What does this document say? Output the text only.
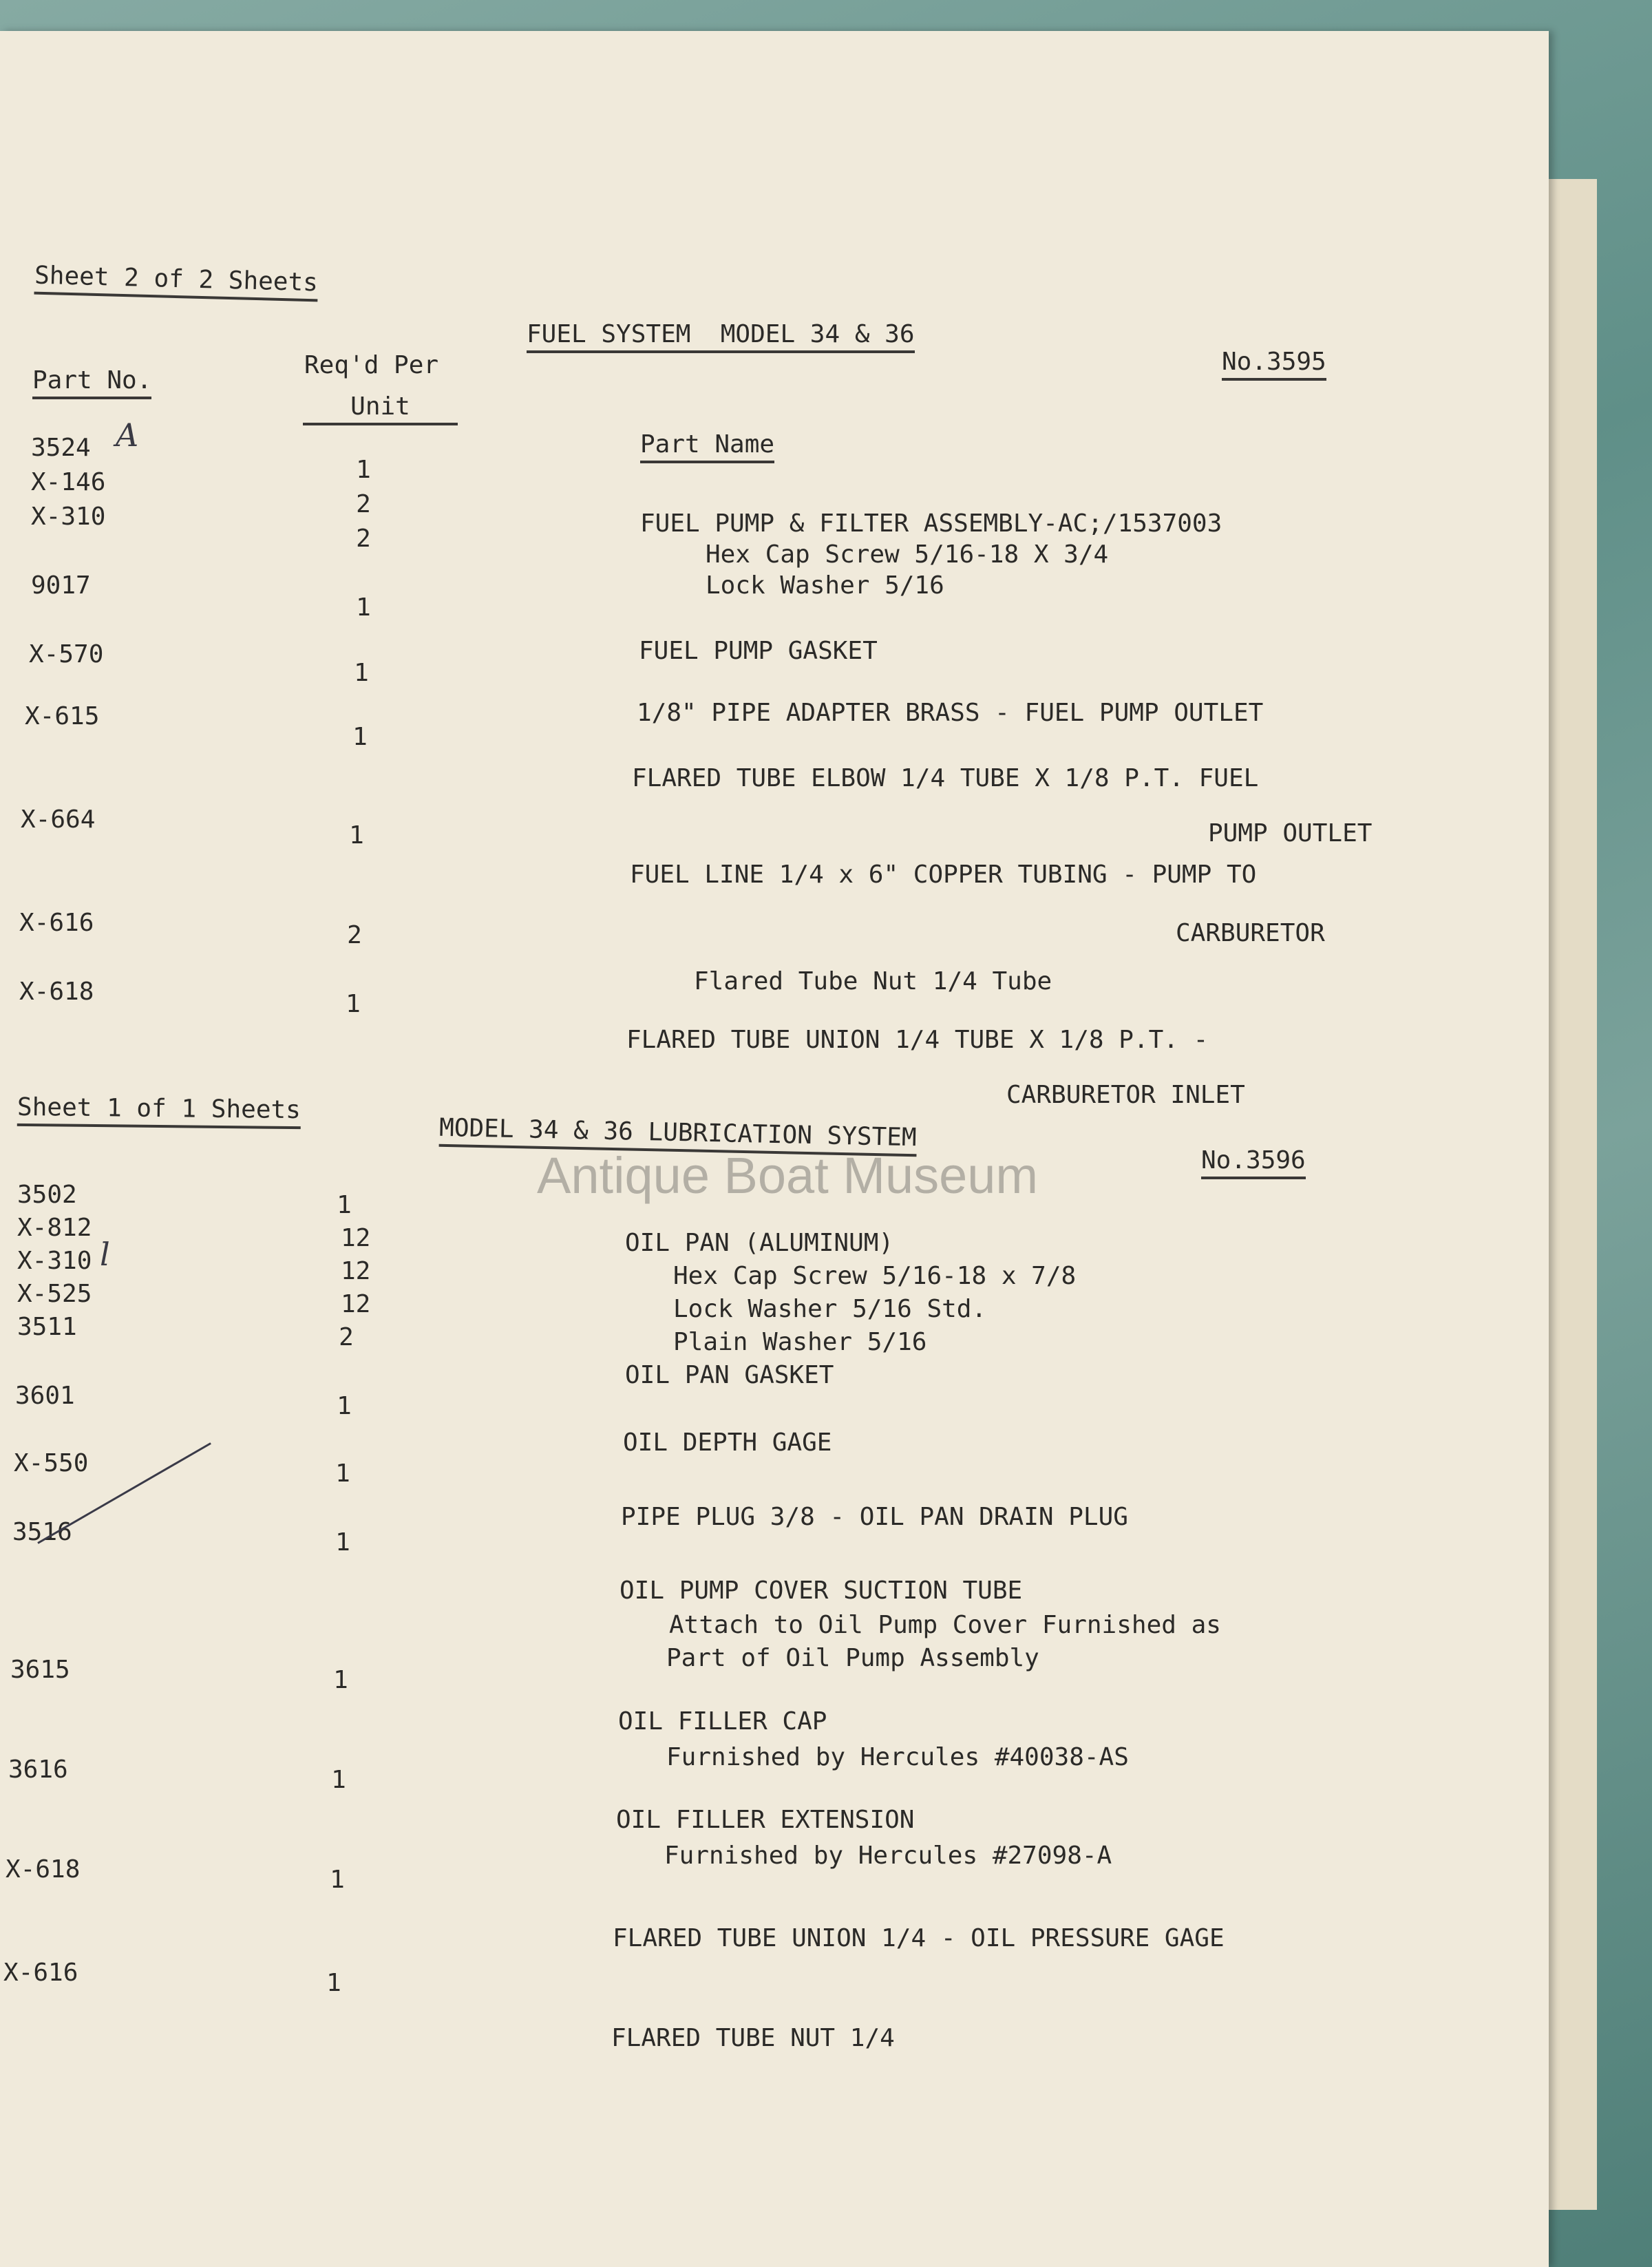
Sheet 2 of 2 Sheets
FUEL SYSTEM  MODEL 34 & 36
No.3595
Part No.
Req'd Per
Unit
Part Name
3524 A
X-146
X-310
9017
X-570
X-615
X-664
X-616
X-618
1
2
2
1
1
1
1
2
1
FUEL PUMP & FILTER ASSEMBLY-AC;/1537003
Hex Cap Screw 5/16-18 X 3/4
Lock Washer 5/16
FUEL PUMP GASKET
1/8" PIPE ADAPTER BRASS - FUEL PUMP OUTLET
FLARED TUBE ELBOW 1/4 TUBE X 1/8 P.T. FUEL
PUMP OUTLET
FUEL LINE 1/4 x 6" COPPER TUBING - PUMP TO
CARBURETOR
Flared Tube Nut 1/4 Tube
FLARED TUBE UNION 1/4 TUBE X 1/8 P.T. -
CARBURETOR INLET
Sheet 1 of 1 Sheets
MODEL 34 & 36 LUBRICATION SYSTEM
No.3596
3502
X-812
X-310 l
X-525
3511
3601
X-550
3516
3615
3616
X-618
X-616
1
12
12
12
2
1
1
1
1
1
1
1
OIL PAN (ALUMINUM)
Hex Cap Screw 5/16-18 x 7/8
Lock Washer 5/16 Std.
Plain Washer 5/16
OIL PAN GASKET
OIL DEPTH GAGE
PIPE PLUG 3/8 - OIL PAN DRAIN PLUG
OIL PUMP COVER SUCTION TUBE
Attach to Oil Pump Cover Furnished as
Part of Oil Pump Assembly
OIL FILLER CAP
Furnished by Hercules #40038-AS
OIL FILLER EXTENSION
Furnished by Hercules #27098-A
FLARED TUBE UNION 1/4 - OIL PRESSURE GAGE
FLARED TUBE NUT 1/4
Antique Boat Museum
